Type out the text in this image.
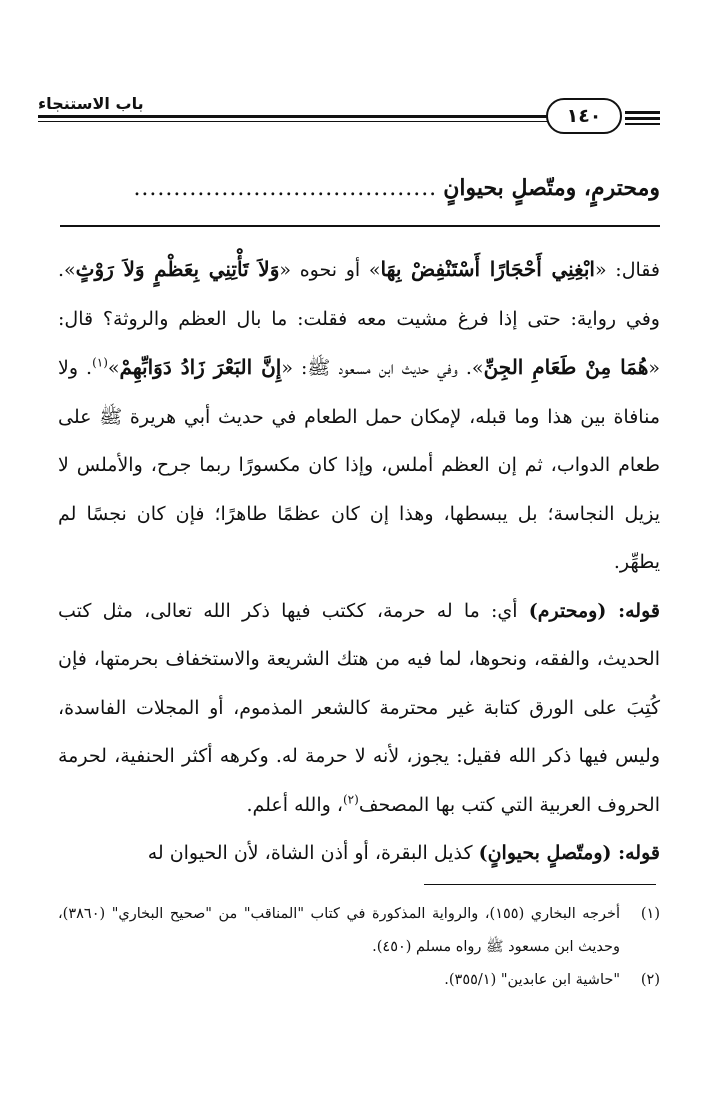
باب الاستنجاء
١٤٠
ومحترمٍ، ومتّصلٍ بحيوانٍ
......................................

فقال: «ابْغِنِي أَحْجَارًا أَسْتَنْفِضْ بِهَا» أو نحوه «وَلاَ تَأْتِنِي بِعَظْمٍ وَلاَ رَوْثٍ». وفي رواية: حتى إذا فرغ مشيت معه فقلت: ما بال العظم والروثة؟ قال: «هُمَا مِنْ طَعَامِ الجِنِّ». وفي حديث ابن مسعود ﷺ: «إِنَّ البَعْرَ زَادُ دَوَابِّهِمْ»$^{(١)}$. ولا منافاة بين هذا وما قبله، لإمكان حمل الطعام في حديث أبي هريرة ﷺ على طعام الدواب، ثم إن العظم أملس، وإذا كان مكسورًا ربما جرح، والأملس لا يزيل النجاسة؛ بل يبسطها، وهذا إن كان عظمًا طاهرًا؛ فإن كان نجسًا لم يطهِّر.

قوله: (ومحترم) أي: ما له حرمة، ككتب فيها ذكر الله تعالى، مثل كتب الحديث، والفقه، ونحوها، لما فيه من هتك الشريعة والاستخفاف بحرمتها، فإن كُتِبَ على الورق كتابة غير محترمة كالشعر المذموم، أو المجلات الفاسدة، وليس فيها ذكر الله فقيل: يجوز، لأنه لا حرمة له. وكرهه أكثر الحنفية، لحرمة الحروف العربية التي كتب بها المصحف$^{(٢)}$، والله أعلم.

قوله: (ومتّصلٍ بحيوانٍ) كذيل البقرة، أو أذن الشاة، لأن الحيوان له

(١)
أخرجه البخاري (١٥٥)، والرواية المذكورة في كتاب "المناقب" من "صحيح البخاري" (٣٨٦٠)، وحديث ابن مسعود ﷺ رواه مسلم (٤٥٠).
(٢)
"حاشية ابن عابدين" (٣٥٥/١).
